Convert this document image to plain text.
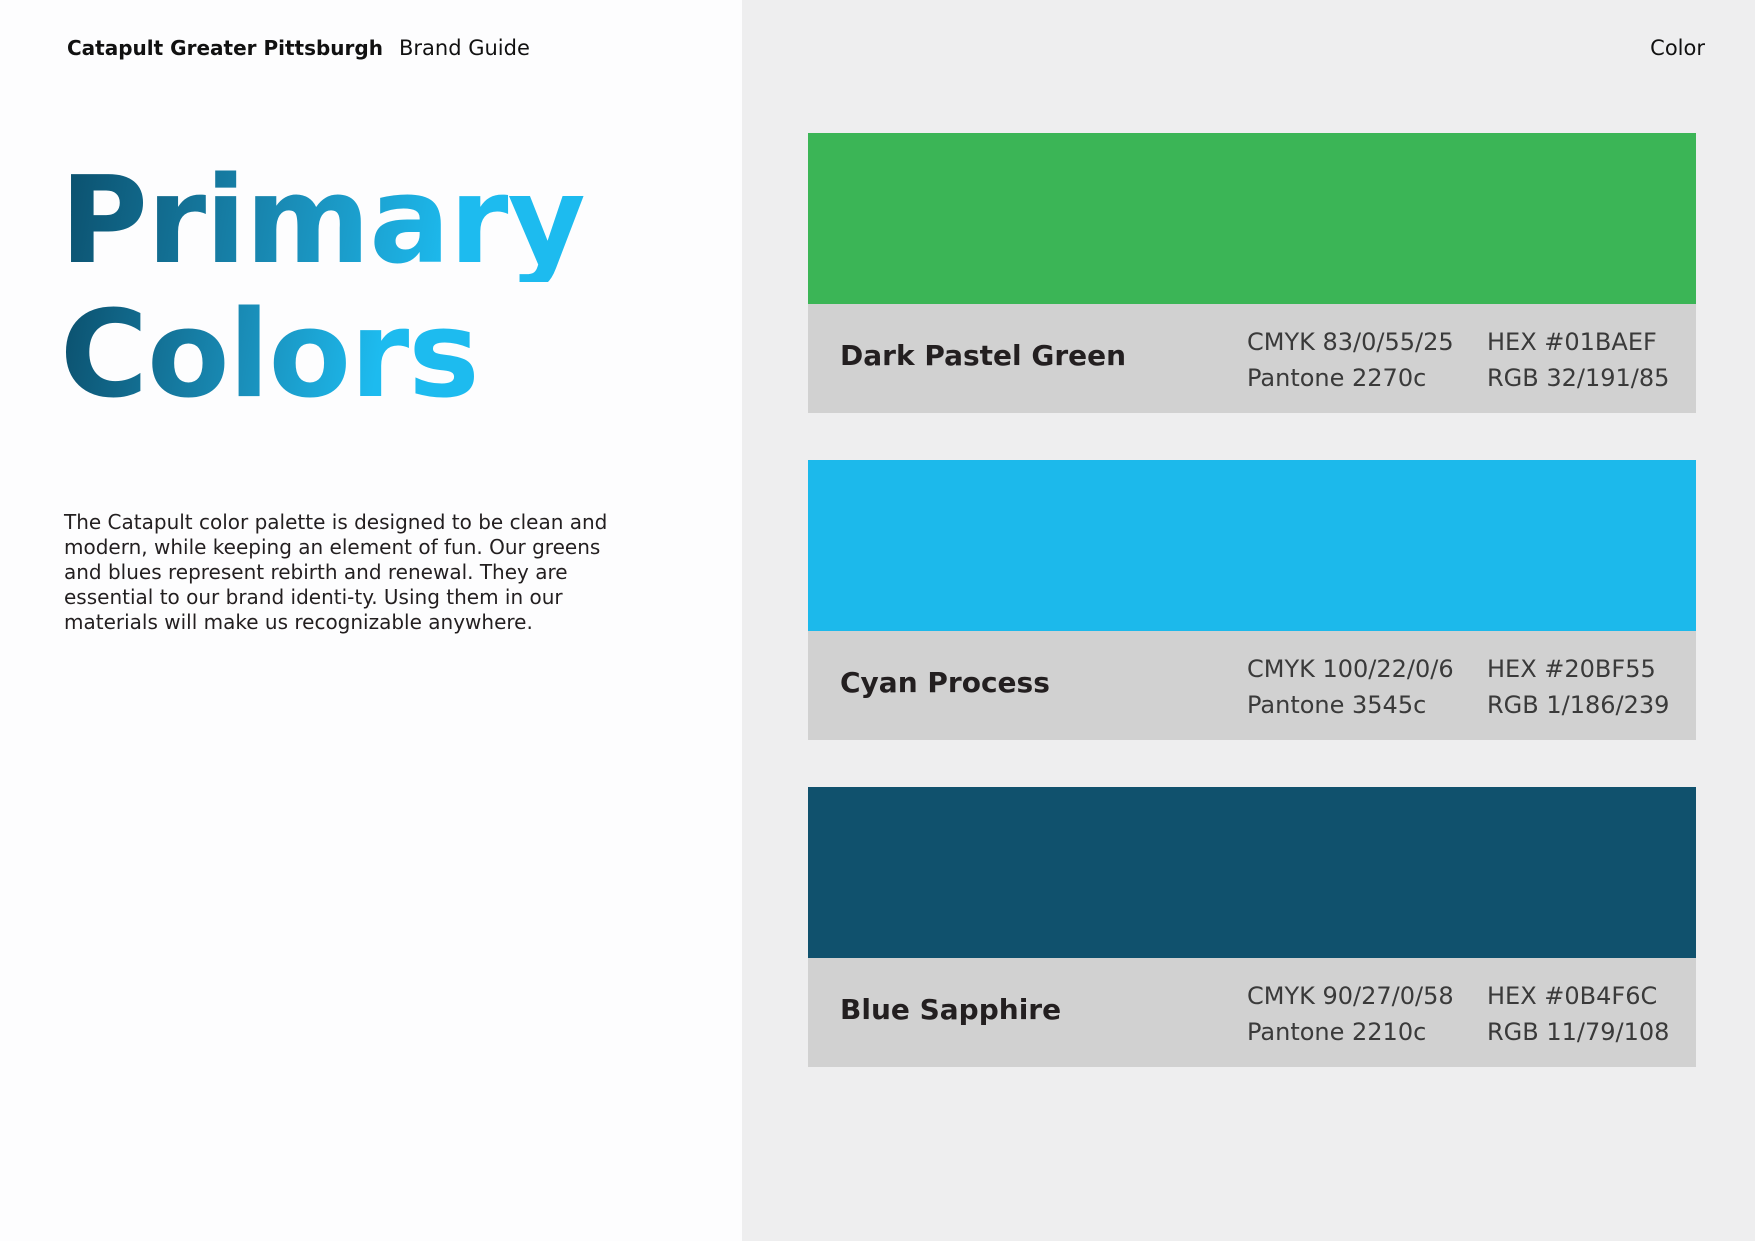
Catapult Greater Pittsburgh Brand Guide	Color
Primary
Colors

The Catapult color palette is designed to be clean and modern, while keeping an element of fun. Our greens and blues represent rebirth and renewal. They are essential to our brand identi-ty. Using them in our materials will make us recognizable anywhere.

Dark Pastel Green	CMYK 83/0/55/25
Pantone 2270c
HEX #01BAEF
RGB 32/191/85
Cyan Process	CMYK 100/22/0/6
Pantone 3545c
HEX #20BF55
RGB 1/186/239
Blue Sapphire	CMYK 90/27/0/58
Pantone 2210c
HEX #0B4F6C
RGB 11/79/108
